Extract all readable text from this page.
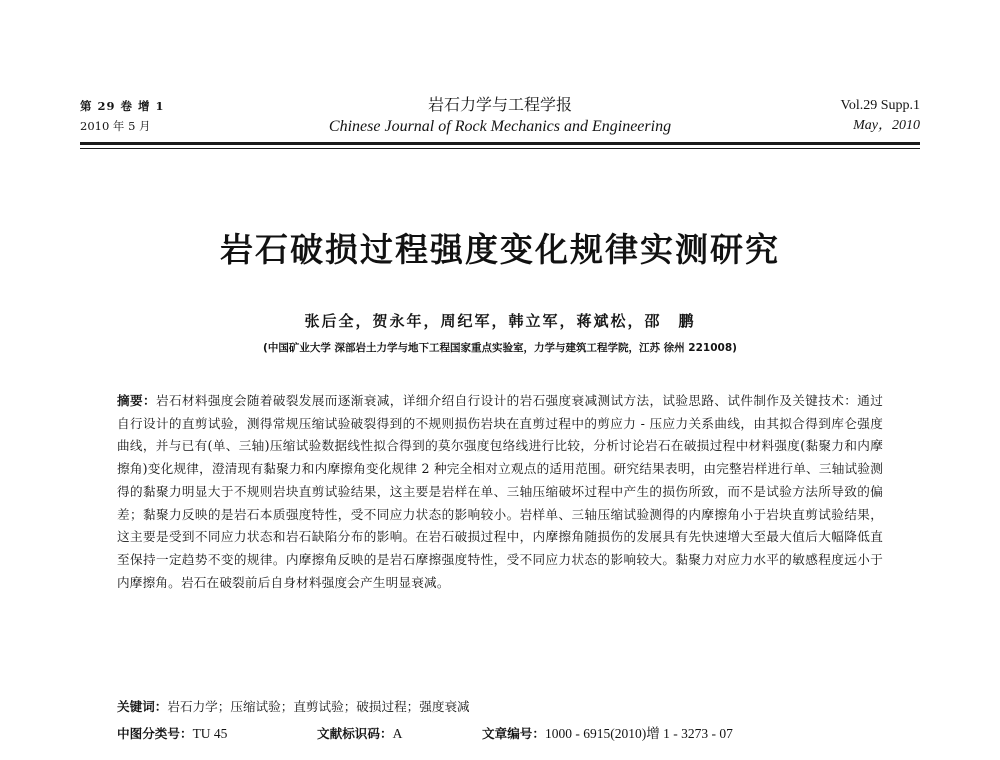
第 29 卷 增 1
2010 年 5 月
岩石力学与工程学报
Chinese Journal of Rock Mechanics and Engineering
Vol.29 Supp.1
May，2010
岩石破损过程强度变化规律实测研究
张后全，贺永年，周纪军，韩立军，蒋斌松，邵　鹏
(中国矿业大学 深部岩土力学与地下工程国家重点实验室，力学与建筑工程学院，江苏 徐州 221008)
摘要：岩石材料强度会随着破裂发展而逐渐衰减，详细介绍自行设计的岩石强度衰减测试方法，试验思路、试件制作及关键技术：通过自行设计的直剪试验，测得常规压缩试验破裂得到的不规则损伤岩块在直剪过程中的剪应力 - 压应力关系曲线，由其拟合得到库仑强度曲线，并与已有(单、三轴)压缩试验数据线性拟合得到的莫尔强度包络线进行比较，分析讨论岩石在破损过程中材料强度(黏聚力和内摩擦角)变化规律，澄清现有黏聚力和内摩擦角变化规律 2 种完全相对立观点的适用范围。研究结果表明，由完整岩样进行单、三轴试验测得的黏聚力明显大于不规则岩块直剪试验结果，这主要是岩样在单、三轴压缩破坏过程中产生的损伤所致，而不是试验方法所导致的偏差；黏聚力反映的是岩石本质强度特性，受不同应力状态的影响较小。岩样单、三轴压缩试验测得的内摩擦角小于岩块直剪试验结果，这主要是受到不同应力状态和岩石缺陷分布的影响。在岩石破损过程中，内摩擦角随损伤的发展具有先快速增大至最大值后大幅降低直至保持一定趋势不变的规律。内摩擦角反映的是岩石摩擦强度特性，受不同应力状态的影响较大。黏聚力对应力水平的敏感程度远小于内摩擦角。岩石在破裂前后自身材料强度会产生明显衰减。
关键词：岩石力学；压缩试验；直剪试验；破损过程；强度衰减
中图分类号：TU 45	文献标识码：A	文章编号：1000 - 6915(2010)增 1 - 3273 - 07
